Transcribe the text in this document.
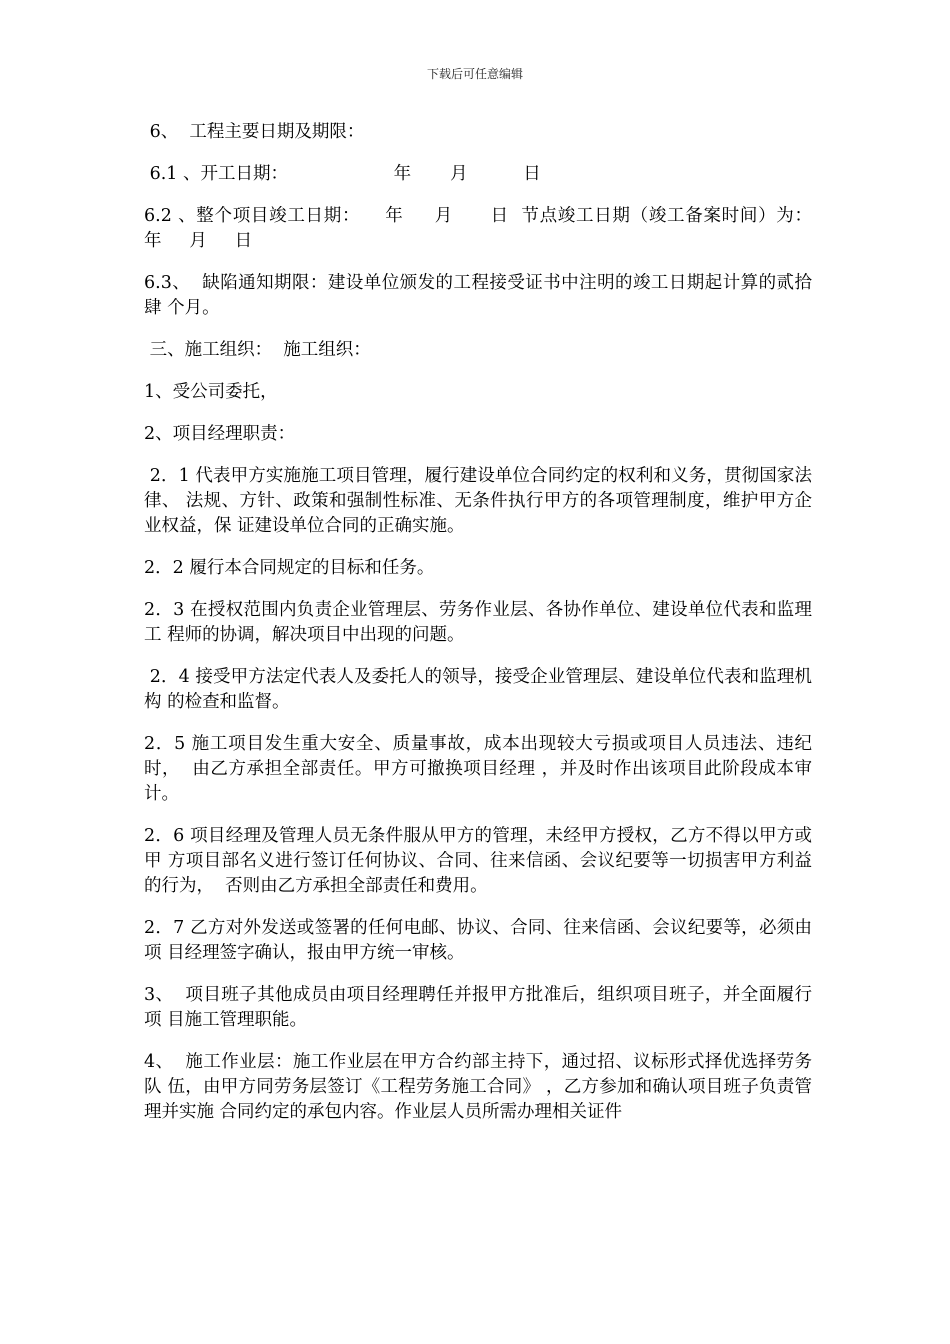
下载后可任意编辑

6、  工程主要日期及期限：

6.1 、开工日期：                   年       月          日

6.2 、整个项目竣工日期：    年     月      日  节点竣工日期（竣工备案时间）为：     年     月     日

6.3、  缺陷通知期限：建设单位颁发的工程接受证书中注明的竣工日期起计算的贰拾肆 个月。

三、施工组织：  施工组织：

1、受公司委托，

2、项目经理职责：

2．1 代表甲方实施施工项目管理，履行建设单位合同约定的权利和义务，贯彻国家法律、 法规、方针、政策和强制性标准、无条件执行甲方的各项管理制度，维护甲方企业权益，保 证建设单位合同的正确实施。

2．2 履行本合同规定的目标和任务。

2．3 在授权范围内负责企业管理层、劳务作业层、各协作单位、建设单位代表和监理工 程师的协调，解决项目中出现的问题。

2．4 接受甲方法定代表人及委托人的领导，接受企业管理层、建设单位代表和监理机构 的检查和监督。

2．5 施工项目发生重大安全、质量事故，成本出现较大亏损或项目人员违法、违纪时，  由乙方承担全部责任。甲方可撤换项目经理 ，并及时作出该项目此阶段成本审计。

2．6 项目经理及管理人员无条件服从甲方的管理，未经甲方授权，乙方不得以甲方或甲 方项目部名义进行签订任何协议、合同、往来信函、会议纪要等一切损害甲方利益的行为，  否则由乙方承担全部责任和费用。

2．7 乙方对外发送或签署的任何电邮、协议、合同、往来信函、会议纪要等，必须由项 目经理签字确认，报由甲方统一审核。

3、  项目班子其他成员由项目经理聘任并报甲方批准后，组织项目班子，并全面履行项 目施工管理职能。

4、  施工作业层：施工作业层在甲方合约部主持下，通过招、议标形式择优选择劳务队 伍，由甲方同劳务层签订《工程劳务施工合同》 ，乙方参加和确认项目班子负责管理并实施 合同约定的承包内容。作业层人员所需办理相关证件
